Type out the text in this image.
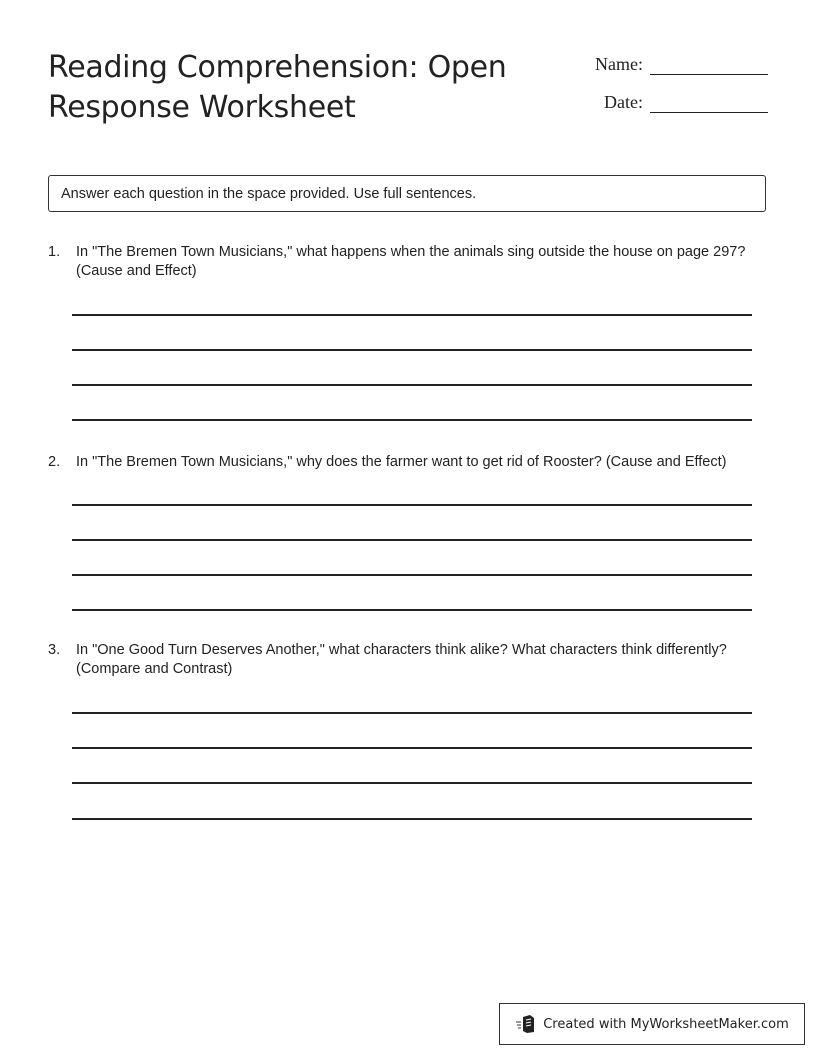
Reading Comprehension: Open Response Worksheet
Name:
Date:
Answer each question in the space provided. Use full sentences.
1.	In "The Bremen Town Musicians," what happens when the animals sing outside the house on page 297? (Cause and Effect)
2.	In "The Bremen Town Musicians," why does the farmer want to get rid of Rooster? (Cause and Effect)
3.	In "One Good Turn Deserves Another," what characters think alike? What characters think differently? (Compare and Contrast)
Created with MyWorksheetMaker.com
